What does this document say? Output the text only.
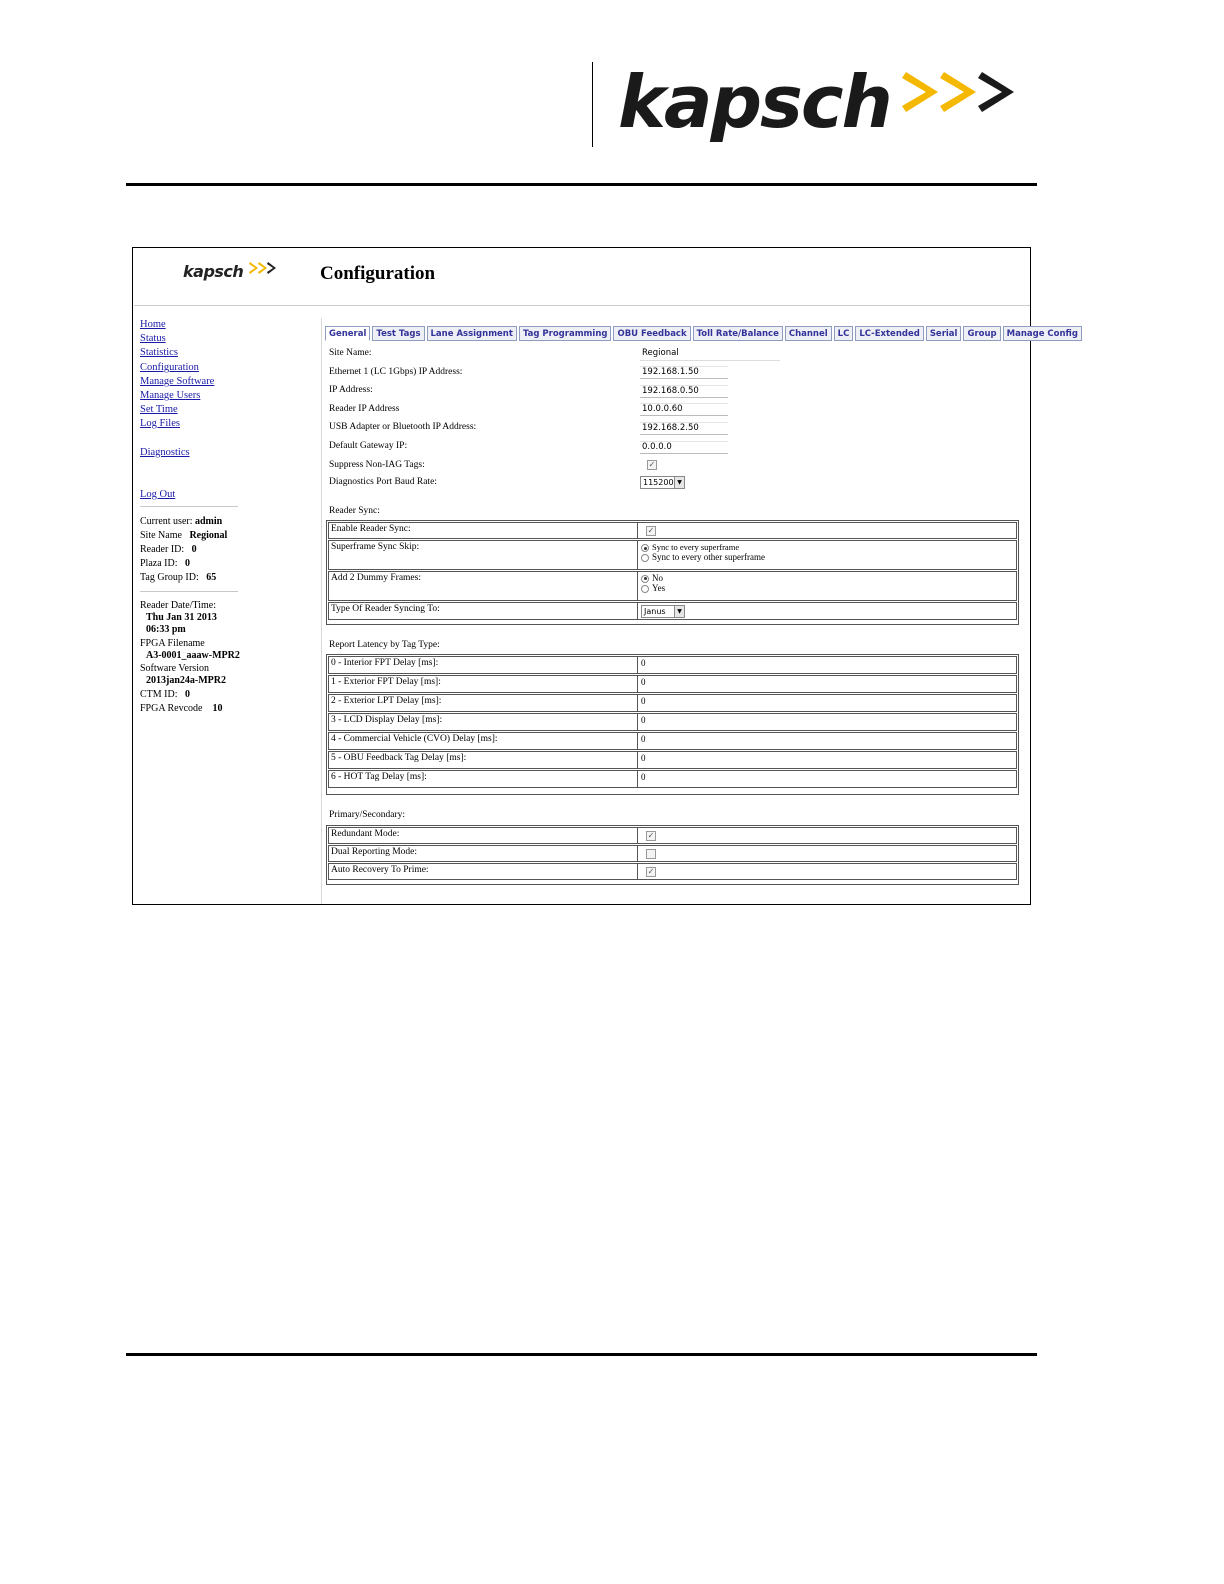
kapsch
kapsch	Configuration
Home
Status
Statistics
Configuration
Manage Software
Manage Users
Set Time
Log Files
Diagnostics
Log Out
Current user: admin
Site Name Regional
Reader ID: 0
Plaza ID: 0
Tag Group ID: 65
Reader Date/Time:
Thu Jan 31 2013
06:33 pm
FPGA Filename
A3-0001_aaaw-MPR2
Software Version
2013jan24a-MPR2
CTM ID: 0
FPGA Revcode 10
General	Test Tags	Lane Assignment	Tag Programming	OBU Feedback	Toll Rate/Balance	Channel	LC	LC-Extended	Serial	Group	Manage Config
Site Name:	Regional
Ethernet 1 (LC 1Gbps) IP Address:	192.168.1.50
IP Address:	192.168.0.50
Reader IP Address	10.0.0.60
USB Adapter or Bluetooth IP Address:	192.168.2.50
Default Gateway IP:	0.0.0.0
Suppress Non-IAG Tags:	✓
Diagnostics Port Baud Rate:	115200 ▼
Reader Sync:
Enable Reader Sync:	✓
Superframe Sync Skip:	Sync to every superframe
Sync to every other superframe
Add 2 Dummy Frames:	No
Yes
Type Of Reader Syncing To:	Janus	▼
Report Latency by Tag Type:
0 - Interior FPT Delay [ms]:	0
1 - Exterior FPT Delay [ms]:	0
2 - Exterior LPT Delay [ms]:	0
3 - LCD Display Delay [ms]:	0
4 - Commercial Vehicle (CVO) Delay [ms]:	0
5 - OBU Feedback Tag Delay [ms]:	0
6 - HOT Tag Delay [ms]:	0
Primary/Secondary:
Redundant Mode:	✓
Dual Reporting Mode:
Auto Recovery To Prime:	✓
